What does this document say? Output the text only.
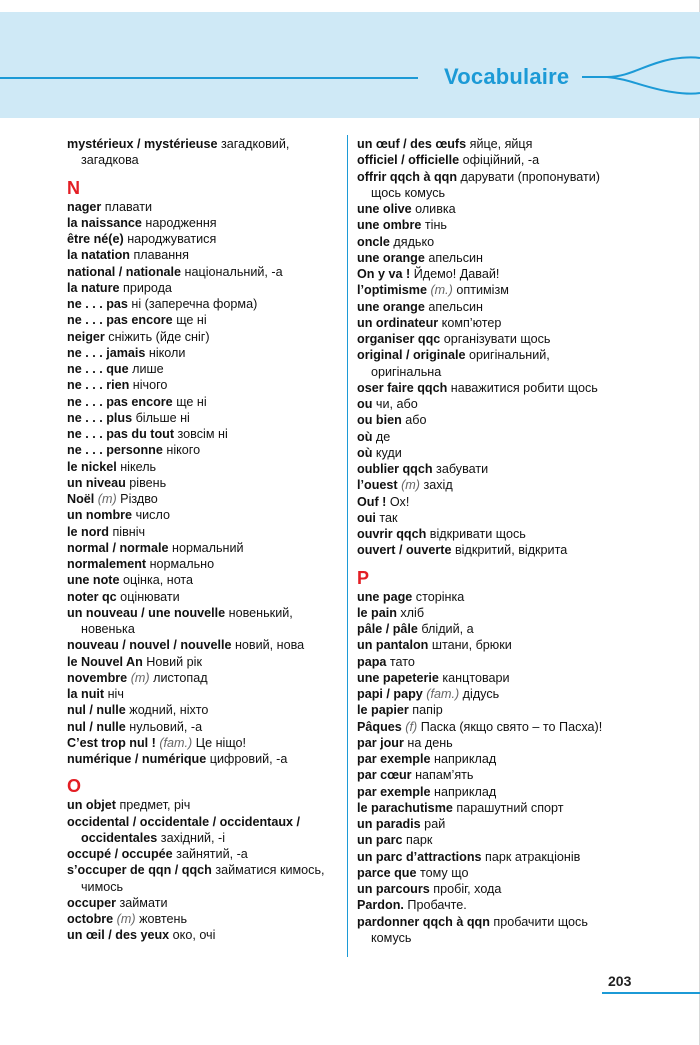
Vocabulaire
mystérieux / mystérieuse загадковий,
загадкова
N
nager плавати
la naissance народження
être né(e) народжуватися
la natation плавання
national / nationale національний, -а
la nature природа
ne . . . pas ні (заперечна форма)
ne . . . pas encore ще ні
neiger сніжить (йде сніг)
ne . . . jamais ніколи
ne . . . que лише
ne . . . rien нічого
ne . . . pas encore ще ні
ne . . . plus більше ні
ne . . . pas du tout зовсім ні
ne . . . personne нікого
le nickel нікель
un niveau рівень
Noël (m) Різдво
un nombre число
le nord північ
normal / normale нормальний
normalement нормально
une note оцінка, нота
noter qc оцінювати
un nouveau / une nouvelle новенький,
новенька
nouveau / nouvel / nouvelle новий, нова
le Nouvel An Новий рік
novembre (m) листопад
la nuit ніч
nul / nulle жодний, ніхто
nul / nulle нульовий, -а
C’est trop nul ! (fam.) Це ніщо!
numérique / numérique цифровий, -а
O
un objet предмет, річ
occidental / occidentale / occidentaux /
occidentales західний, -і
occupé / occupée зайнятий, -а
s’occuper de qqn / qqch займатися кимось,
чимось
occuper займати
octobre (m) жовтень
un œil / des yeux око, очі
un œuf / des œufs яйце, яйця
officiel / officielle офіційний, -а
offrir qqch à qqn дарувати (пропонувати)
щось комусь
une olive оливка
une ombre тінь
oncle дядько
une orange апельсин
On y va ! Йдемо! Давай!
l’optimisme (m.) оптимізм
une orange апельсин
un ordinateur комп’ютер
organiser qqc організувати щось
original / originale оригінальний,
оригінальна
oser faire qqch наважитися робити щось
ou чи, або
ou bien або
où де
où куди
oublier qqch забувати
l’ouest (m) захід
Ouf ! Ох!
oui так
ouvrir qqch відкривати щось
ouvert / ouverte відкритий, відкрита
P
une page сторінка
le pain хліб
pâle / pâle блідий, а
un pantalon штани, брюки
papa тато
une papeterie канцтовари
papi / papy (fam.) дідусь
le papier папір
Pâques (f) Паска (якщо свято – то Пасха)!
par jour на день
par exemple наприклад
par cœur напам’ять
par exemple наприклад
le parachutisme парашутний спорт
un paradis рай
un parc парк
un parc d’attractions парк атракціонів
parce que тому що
un parcours пробіг, хода
Pardon. Пробачте.
pardonner qqch à qqn пробачити щось
комусь
203
